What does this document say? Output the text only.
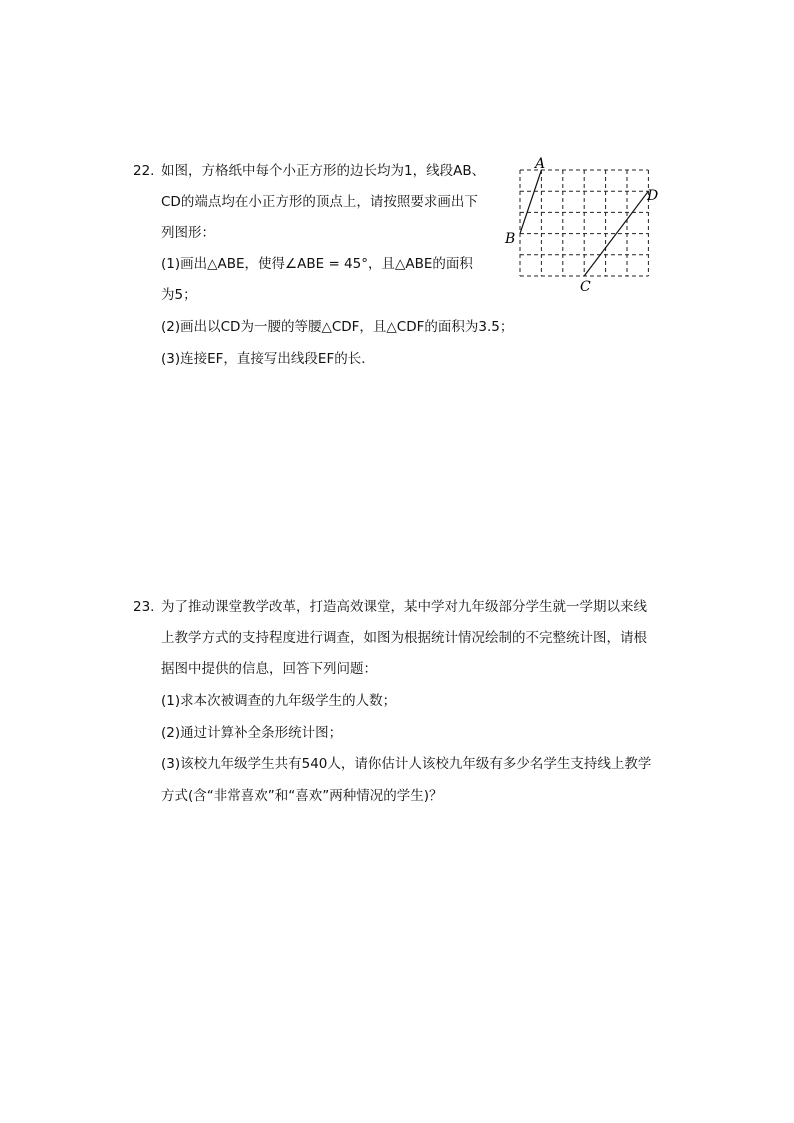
22. 如图，方格纸中每个小正方形的边长均为1，线段AB、
CD的端点均在小正方形的顶点上，请按照要求画出下
列图形：
(1)画出△ABE，使得∠ABE = 45°，且△ABE的面积
为5；
(2)画出以CD为一腰的等腰△CDF，且△CDF的面积为3.5；
(3)连接EF，直接写出线段EF的长．
A
B
C
D
23. 为了推动课堂教学改革，打造高效课堂，某中学对九年级部分学生就一学期以来线
上教学方式的支持程度进行调查，如图为根据统计情况绘制的不完整统计图，请根
据图中提供的信息，回答下列问题：
(1)求本次被调查的九年级学生的人数；
(2)通过计算补全条形统计图；
(3)该校九年级学生共有540人，请你估计人该校九年级有多少名学生支持线上教学
方式(含“非常喜欢”和“喜欢”两种情况的学生)？
